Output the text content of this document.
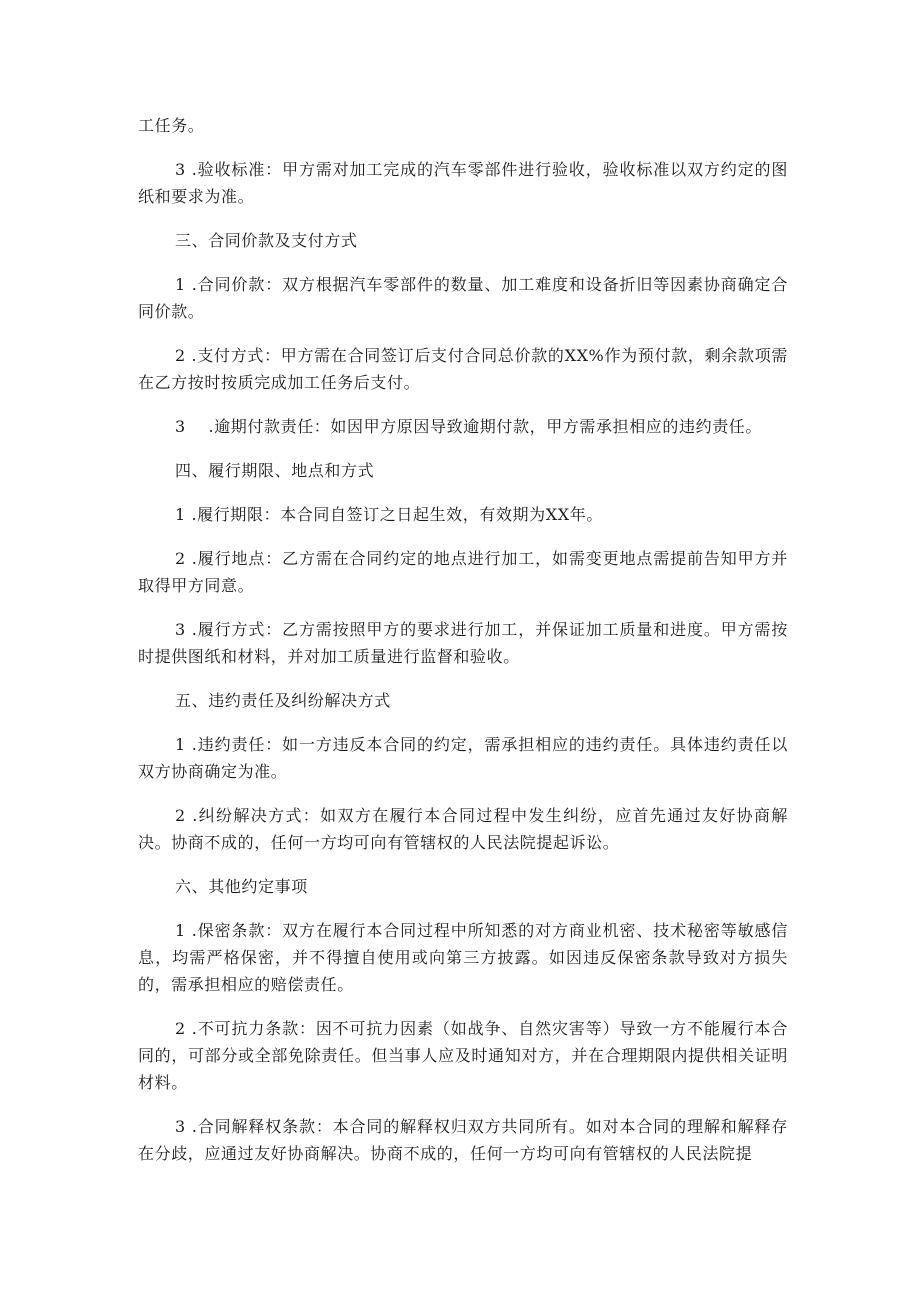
工任务。

3 .验收标准：甲方需对加工完成的汽车零部件进行验收，验收标准以双方约定的图纸和要求为准。

三、合同价款及支付方式

1 .合同价款：双方根据汽车零部件的数量、加工难度和设备折旧等因素协商确定合同价款。

2 .支付方式：甲方需在合同签订后支付合同总价款的XX%作为预付款，剩余款项需在乙方按时按质完成加工任务后支付。

3    .逾期付款责任：如因甲方原因导致逾期付款，甲方需承担相应的违约责任。

四、履行期限、地点和方式

1 .履行期限：本合同自签订之日起生效，有效期为XX年。

2 .履行地点：乙方需在合同约定的地点进行加工，如需变更地点需提前告知甲方并取得甲方同意。

3 .履行方式：乙方需按照甲方的要求进行加工，并保证加工质量和进度。甲方需按时提供图纸和材料，并对加工质量进行监督和验收。

五、违约责任及纠纷解决方式

1 .违约责任：如一方违反本合同的约定，需承担相应的违约责任。具体违约责任以双方协商确定为准。

2 .纠纷解决方式：如双方在履行本合同过程中发生纠纷，应首先通过友好协商解决。协商不成的，任何一方均可向有管辖权的人民法院提起诉讼。

六、其他约定事项

1 .保密条款：双方在履行本合同过程中所知悉的对方商业机密、技术秘密等敏感信息，均需严格保密，并不得擅自使用或向第三方披露。如因违反保密条款导致对方损失的，需承担相应的赔偿责任。

2 .不可抗力条款：因不可抗力因素（如战争、自然灾害等）导致一方不能履行本合同的，可部分或全部免除责任。但当事人应及时通知对方，并在合理期限内提供相关证明材料。

3 .合同解释权条款：本合同的解释权归双方共同所有。如对本合同的理解和解释存在分歧，应通过友好协商解决。协商不成的，任何一方均可向有管辖权的人民法院提
